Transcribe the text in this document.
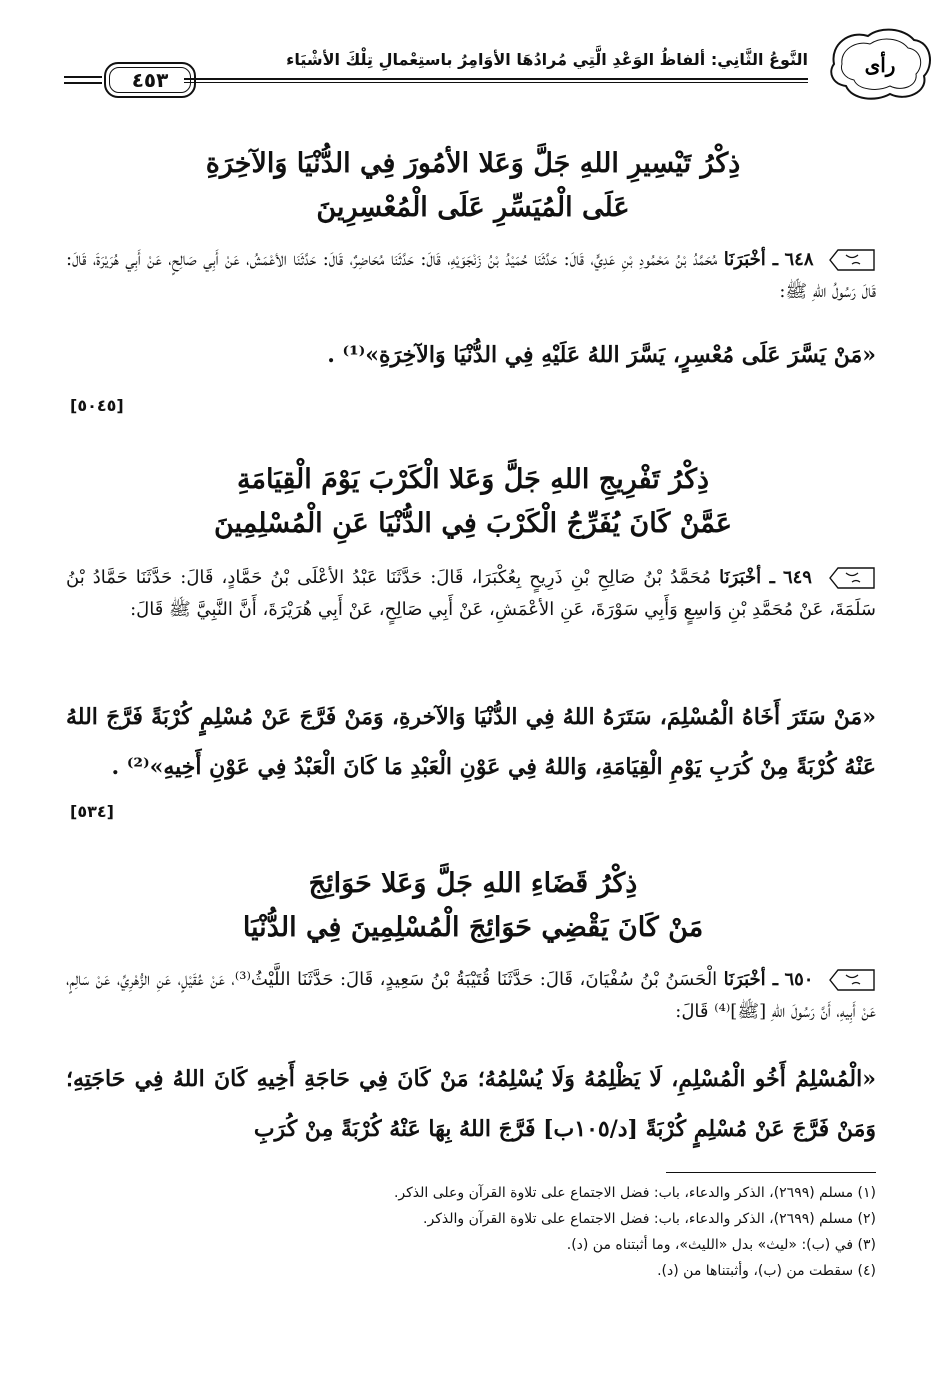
رأى
النَّوعُ الثَّانِي: ألفاظُ الوَعْدِ الَّتِي مُرادُهَا الأوَامِرُ باستِعْمالِ تِلْكَ الأشْيَاء
٤٥٣
ذِكْرُ تَيْسِيرِ اللهِ جَلَّ وَعَلا الأمُورَ فِي الدُّنْيَا وَالآخِرَةِ
عَلَى الْمُيَسِّرِ عَلَى الْمُعْسِرِينَ
٦٤٨ ـ أخْبَرَنَا مُحَمَّدُ بْنُ مَحْمُودِ بْنِ عَدِيٍّ، قَالَ: حَدَّثَنَا حُمَيْدُ بْنُ زَنْجَوَيْهِ، قَالَ: حَدَّثَنَا مُحَاضِرٌ، قَالَ: حَدَّثَنَا الأعْمَشُ، عَنْ أَبِي صَالِحٍ، عَنْ أَبِي هُرَيْرَةَ، قَالَ: قَالَ رَسُولُ اللهِ ﷺ:
«مَنْ يَسَّرَ عَلَى مُعْسِرٍ، يَسَّرَ اللهُ عَلَيْهِ فِي الدُّنْيَا وَالآخِرَةِ»⁽¹⁾ .
[٥٠٤٥]
ذِكْرُ تَفْرِيجِ اللهِ جَلَّ وَعَلا الْكَرْبَ يَوْمَ الْقِيَامَةِ
عَمَّنْ كَانَ يُفَرِّجُ الْكَرْبَ فِي الدُّنْيَا عَنِ الْمُسْلِمِينَ
٦٤٩ ـ أخْبَرَنَا مُحَمَّدُ بْنُ صَالِحِ بْنِ ذَرِيحٍ بِعُكْبَرَا، قَالَ: حَدَّثَنَا عَبْدُ الأعْلَى بْنُ حَمَّادٍ، قَالَ: حَدَّثَنَا حَمَّادُ بْنُ سَلَمَةَ، عَنْ مُحَمَّدِ بْنِ وَاسِعٍ وَأَبِي سَوْرَةَ، عَنِ الأعْمَشِ، عَنْ أَبِي صَالِحٍ، عَنْ أَبِي هُرَيْرَةَ، أَنَّ النَّبِيَّ ﷺ قَالَ:
«مَنْ سَتَرَ أَخَاهُ الْمُسْلِمَ، سَتَرَهُ اللهُ فِي الدُّنْيَا وَالآخرةِ، وَمَنْ فَرَّجَ عَنْ مُسْلِمٍ كُرْبَةً فَرَّجَ اللهُ عَنْهُ كُرْبَةً مِنْ كُرَبِ يَوْمِ الْقِيَامَةِ، وَاللهُ فِي عَوْنِ الْعَبْدِ مَا كَانَ الْعَبْدُ فِي عَوْنِ أَخِيهِ»⁽²⁾ .
[٥٣٤]
ذِكْرُ قَضَاءِ اللهِ جَلَّ وَعَلا حَوَائِجَ
مَنْ كَانَ يَقْضِي حَوَائِجَ الْمُسْلِمِينَ فِي الدُّنْيَا
٦٥٠ ـ أخْبَرَنَا الْحَسَنُ بْنُ سُفْيَانَ، قَالَ: حَدَّثَنَا قُتَيْبَةُ بْنُ سَعِيدٍ، قَالَ: حَدَّثَنَا اللَّيْثُ⁽³⁾، عَنْ عُقَيْلٍ، عَنِ الزُّهْرِيِّ، عَنْ سَالِمٍ، عَنْ أَبِيهِ، أَنَّ رَسُولَ اللهِ [ﷺ]⁽⁴⁾ قَالَ:
«الْمُسْلِمُ أَخُو الْمُسْلِمِ، لَا يَظْلِمُهُ وَلَا يُسْلِمُهُ؛ مَنْ كَانَ فِي حَاجَةِ أَخِيهِ كَانَ اللهُ فِي حَاجَتِهِ؛ وَمَنْ فَرَّجَ عَنْ مُسْلِمٍ كُرْبَةً [د/١٠٥ب] فَرَّجَ اللهُ بِهَا عَنْهُ كُرْبَةً مِنْ كُرَبِ
(١) مسلم (٢٦٩٩)، الذكر والدعاء، باب: فضل الاجتماع على تلاوة القرآن وعلى الذكر.
(٢) مسلم (٢٦٩٩)، الذكر والدعاء، باب: فضل الاجتماع على تلاوة القرآن والذكر.
(٣) في (ب): «ليث» بدل «الليث»، وما أثبتناه من (د).
(٤) سقطت من (ب)، وأثبتناها من (د).
